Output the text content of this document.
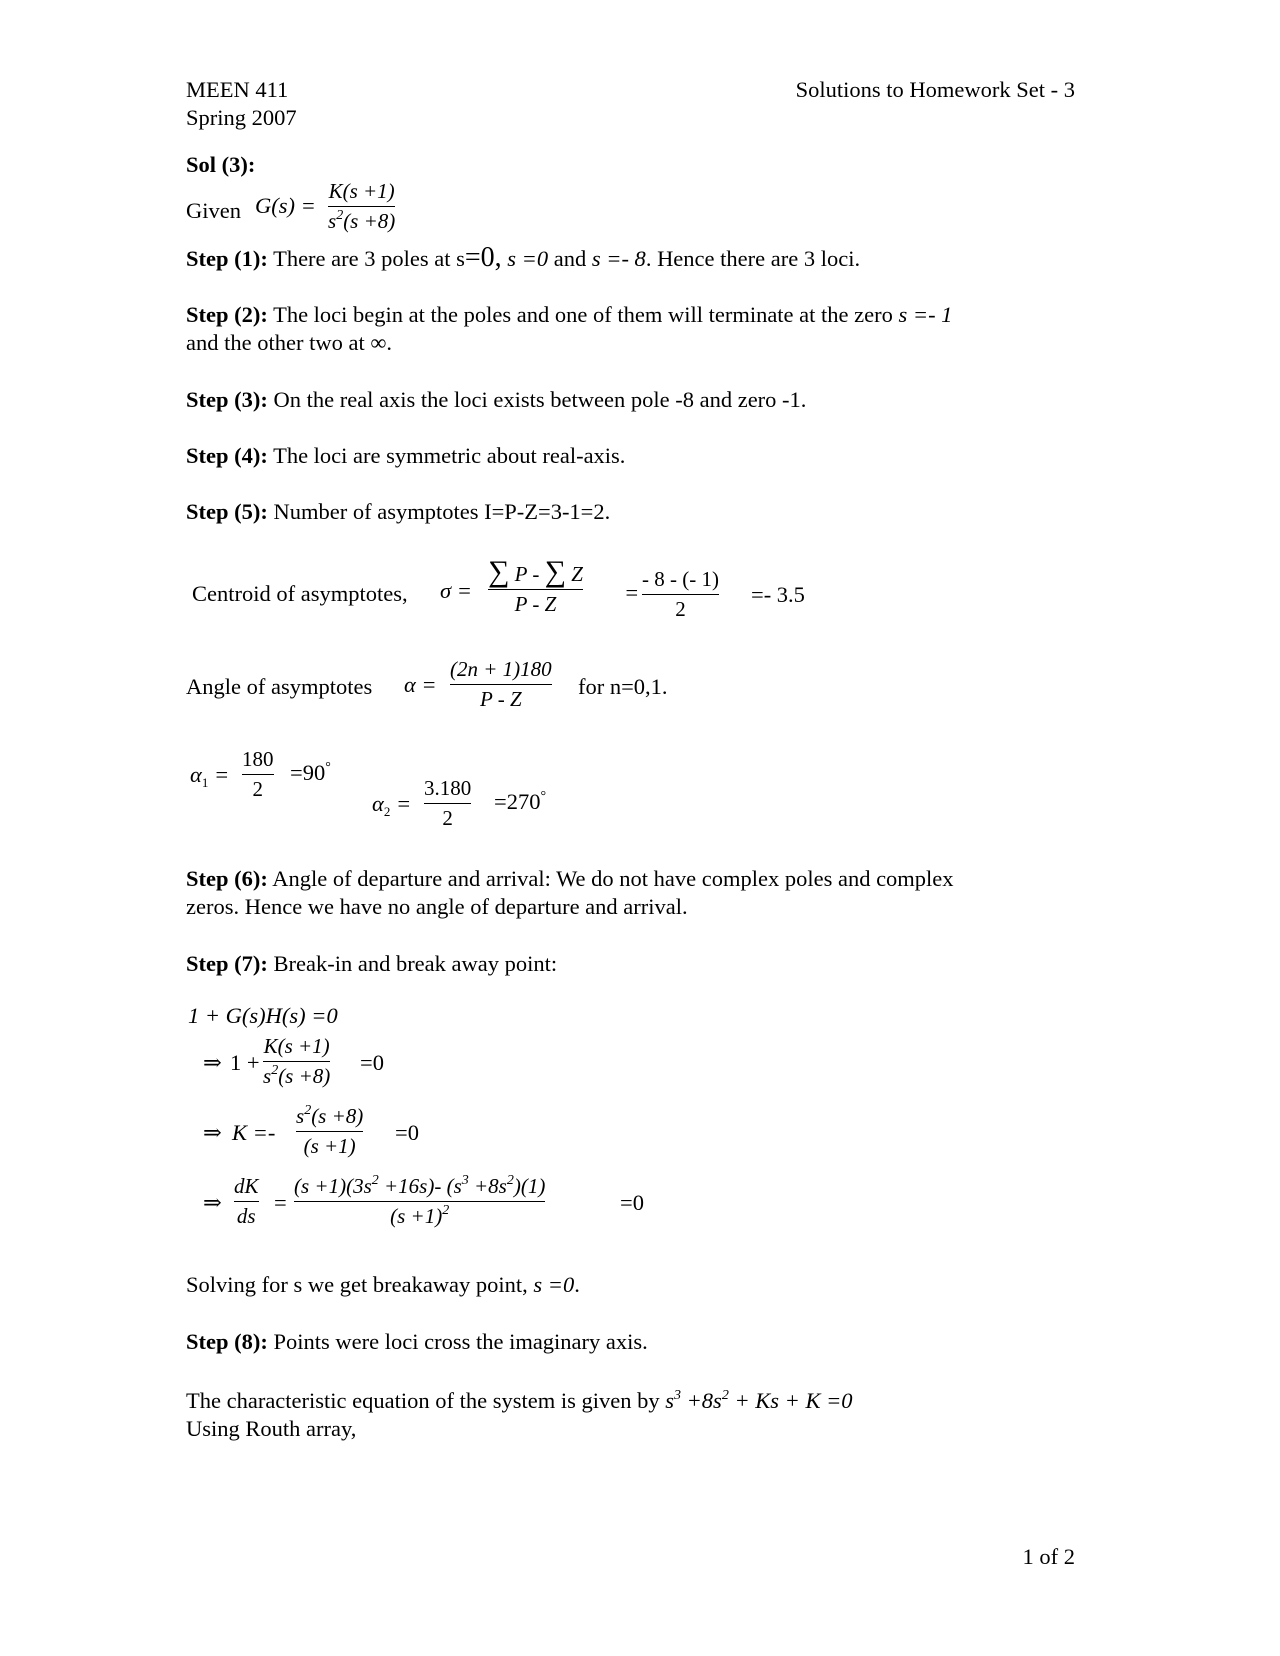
MEEN 411
Spring 2007
Solutions to Homework Set - 3
Sol (3):
Given G(s) =
K(s +1)
$s^2(s +8)$
Step (1): There are 3 poles at s=0, s =0 and s =- 8. Hence there are 3 loci.
Step (2): The loci begin at the poles and one of them will terminate at the zero s =- 1
and the other two at ∞.
Step (3): On the real axis the loci exists between pole -8 and zero -1.
Step (4): The loci are symmetric about real-axis.
Step (5): Number of asymptotes I=P-Z=3-1=2.
Centroid of asymptotes, σ =
∑ P - ∑ Z
P - Z	=
- 8 - (- 1)
2
=- 3.5
Angle of asymptotes α =
(2n + 1)180
P - Z
for n=0,1.
$\alpha_1$ =
180
2
=90°
$\alpha_2$ =
3.180
2
=270°
Step (6): Angle of departure and arrival: We do not have complex poles and complex
zeros. Hence we have no angle of departure and arrival.
Step (7): Break-in and break away point:
1 + G(s)H(s) =0
⇒ 1 +
K(s +1)
$s^2(s +8)$
=0
⇒ K =-
$s^2(s +8)$
(s +1)
=0
⇒
dK
ds
=
$(s +1)(3s^2 +16s)-$ $(s^3 +8s^2)(1)$
$(s +1)^2$	=0
Solving for s we get breakaway point, s =0.
Step (8): Points were loci cross the imaginary axis.
The characteristic equation of the system is given by $s^3 +8s^2 + Ks + K =0$
Using Routh array,
1 of 2
